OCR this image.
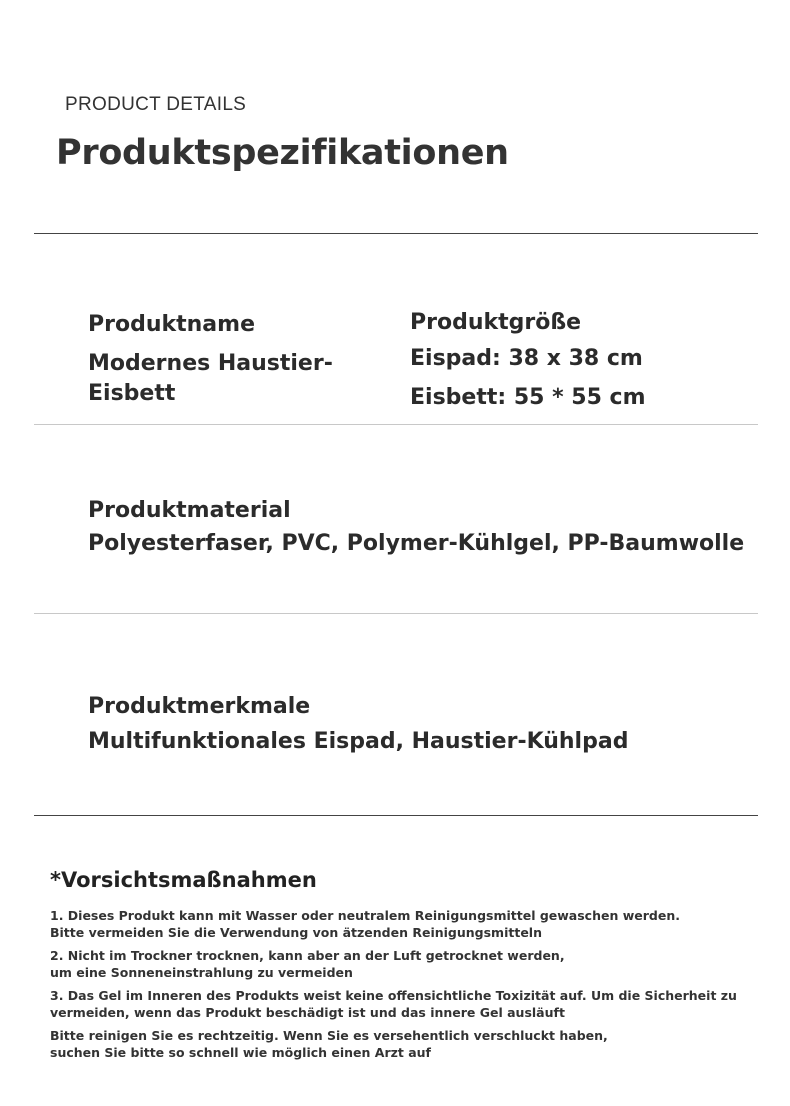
PRODUCT DETAILS
Produktspezifikationen
Produktname
Modernes Haustier-
Eisbett
Produktgröße
Eispad: 38 x 38 cm
Eisbett: 55 * 55 cm
Produktmaterial
Polyesterfaser, PVC, Polymer-Kühlgel, PP-Baumwolle
Produktmerkmale
Multifunktionales Eispad, Haustier-Kühlpad
*Vorsichtsmaßnahmen

1. Dieses Produkt kann mit Wasser oder neutralem Reinigungsmittel gewaschen werden.
Bitte vermeiden Sie die Verwendung von ätzenden Reinigungsmitteln

2. Nicht im Trockner trocknen, kann aber an der Luft getrocknet werden,
um eine Sonneneinstrahlung zu vermeiden

3. Das Gel im Inneren des Produkts weist keine offensichtliche Toxizität auf. Um die Sicherheit zu
vermeiden, wenn das Produkt beschädigt ist und das innere Gel ausläuft

Bitte reinigen Sie es rechtzeitig. Wenn Sie es versehentlich verschluckt haben,
suchen Sie bitte so schnell wie möglich einen Arzt auf
